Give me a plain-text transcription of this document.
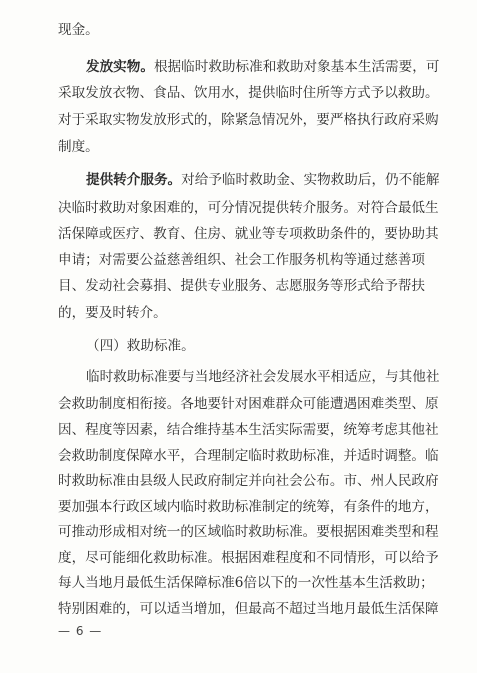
现金。
发放实物。根据临时救助标准和救助对象基本生活需要，可
采取发放衣物、食品、饮用水，提供临时住所等方式予以救助。
对于采取实物发放形式的，除紧急情况外，要严格执行政府采购
制度。
提供转介服务。对给予临时救助金、实物救助后，仍不能解
决临时救助对象困难的，可分情况提供转介服务。对符合最低生
活保障或医疗、教育、住房、就业等专项救助条件的，要协助其
申请；对需要公益慈善组织、社会工作服务机构等通过慈善项
目、发动社会募捐、提供专业服务、志愿服务等形式给予帮扶
的，要及时转介。
（四）救助标准。
临时救助标准要与当地经济社会发展水平相适应，与其他社
会救助制度相衔接。各地要针对困难群众可能遭遇困难类型、原
因、程度等因素，结合维持基本生活实际需要，统筹考虑其他社
会救助制度保障水平，合理制定临时救助标准，并适时调整。临
时救助标准由县级人民政府制定并向社会公布。市、州人民政府
要加强本行政区域内临时救助标准制定的统筹，有条件的地方，
可推动形成相对统一的区域临时救助标准。要根据困难类型和程
度，尽可能细化救助标准。根据困难程度和不同情形，可以给予
每人当地月最低生活保障标准6倍以下的一次性基本生活救助；
特别困难的，可以适当增加，但最高不超过当地月最低生活保障
— 6 —
